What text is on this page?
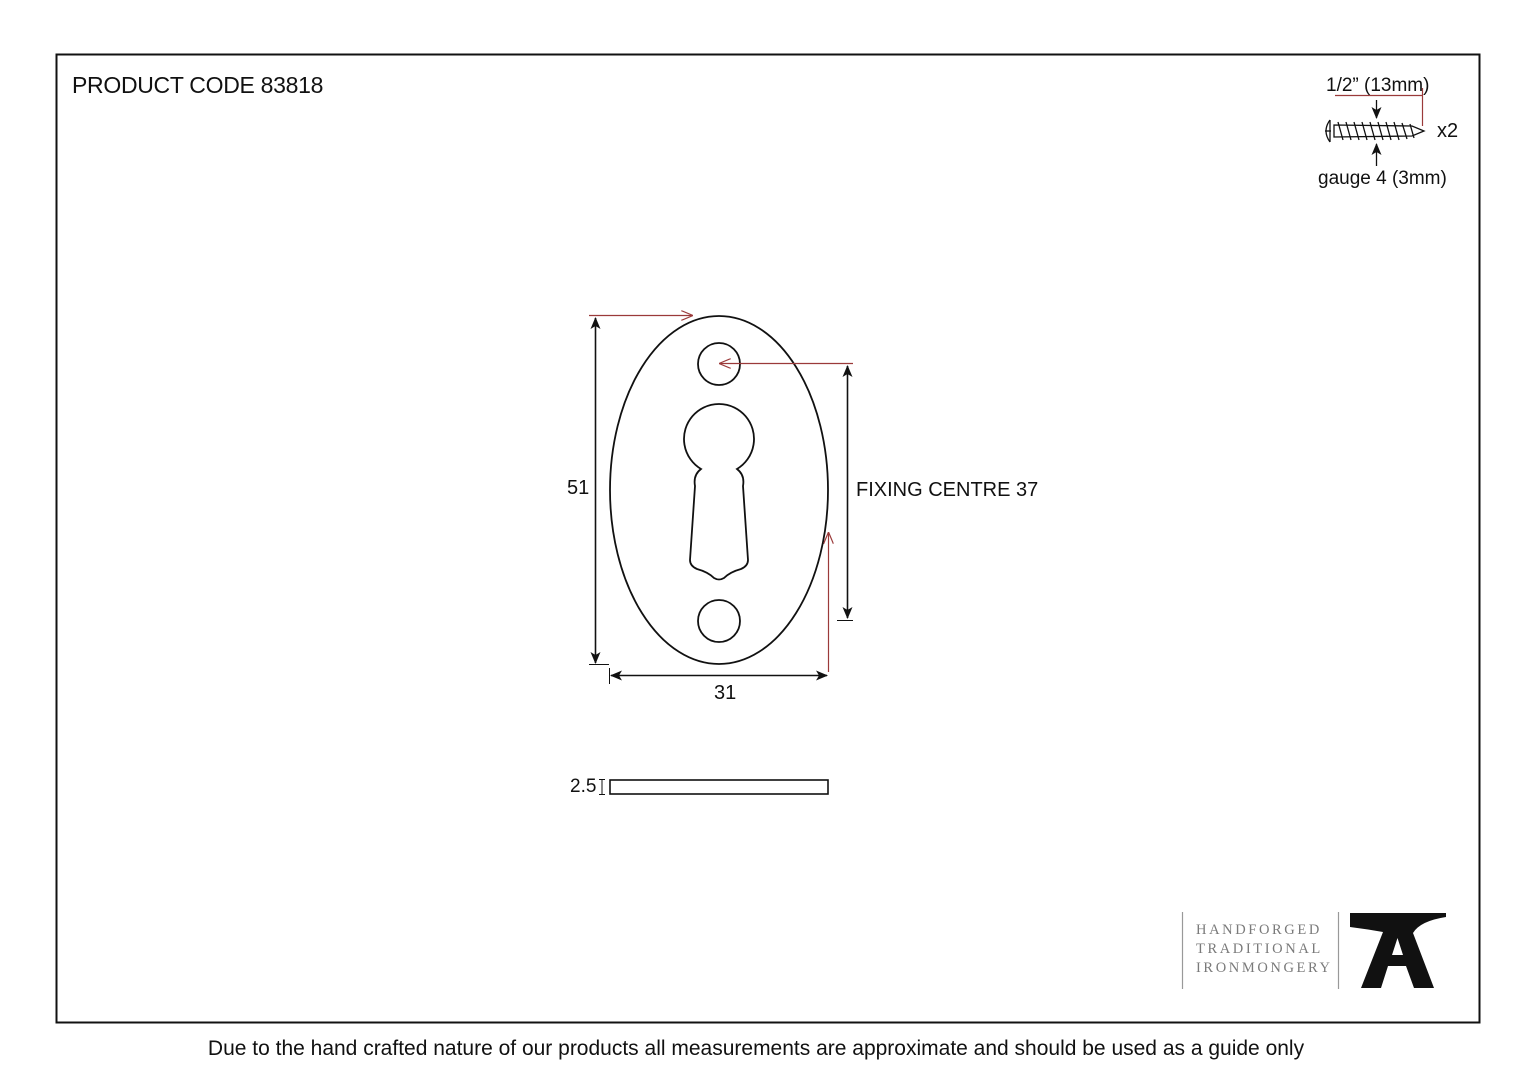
PRODUCT CODE 83818	1/2” (13mm)
x2
gauge 4 (3mm)
51	FIXING CENTRE 37
31
2.5
HANDFORGED
TRADITIONAL
IRONMONGERY
Due to the hand crafted nature of our products all measurements are approximate and should be used as a guide only
